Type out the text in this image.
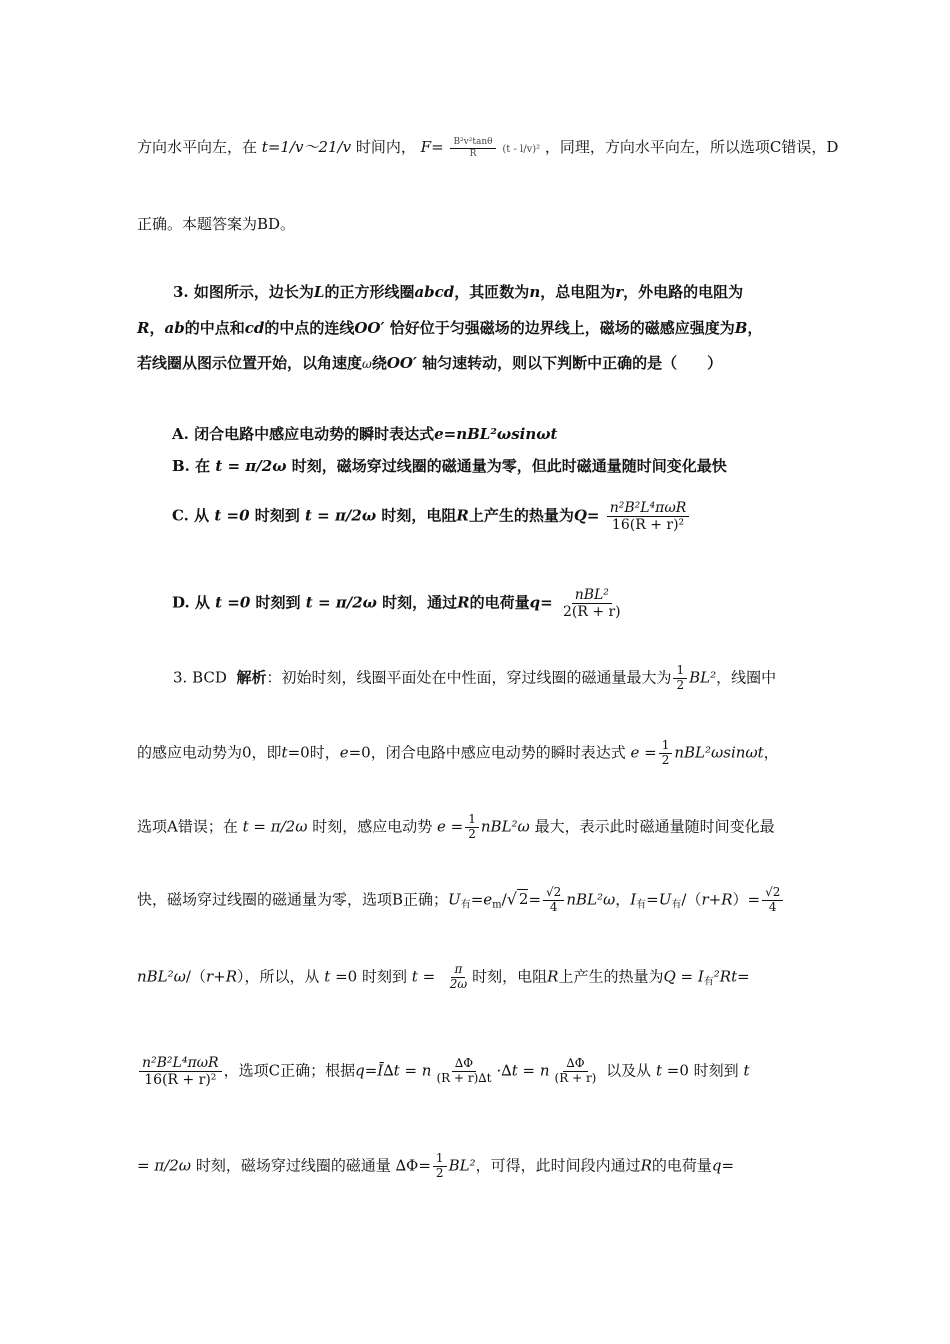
方向水平向左，在 t=1/v～21/v 时间内， $F= \frac{\text{B²v²tanθ}}{R} (t - l/v)^2$ ，同理，方向水平向左，所以选项C错误，D
正确。本题答案为BD。
3. 如图所示，边长为L的正方形线圈abcd，其匝数为n，总电阻为r，外电路的电阻为
R，ab的中点和cd的中点的连线OO′ 恰好位于匀强磁场的边界线上，磁场的磁感应强度为B，
若线圈从图示位置开始，以角速度ω绕OO′ 轴匀速转动，则以下判断中正确的是（　　）
A. 闭合电路中感应电动势的瞬时表达式e=nBL²ωsinωt
B. 在 t = π/2ω 时刻，磁场穿过线圈的磁通量为零，但此时磁通量随时间变化最快
C. 从 t =0 时刻到 t = π/2ω 时刻，电阻R上产生的热量为$Q= \frac{\text{n²B²L⁴πωR}}{\text{16(R + r)²}}$
D. 从 t =0 时刻到 t = π/2ω 时刻，通过R的电荷量$q= \frac{\text{nBL²}}{2(R + r)}$
3. BCD 解析：初始时刻，线圈平面处在中性面，穿过线圈的磁通量最大为 $\frac{1}{2} BL^2$，线圈中
的感应电动势为0，即t=0时，e=0，闭合电路中感应电动势的瞬时表达式 $e = \frac{1}{2} nBL^2\omega\sin\omega t$，
选项A错误；在 t = π/2ω 时刻，感应电动势 $e = \frac{1}{2} nBL^2\omega$ 最大，表示此时磁通量随时间变化最
快，磁场穿过线圈的磁通量为零，选项B正确；$U_有=e_m/√$ $2= \frac{√2}{4} nBL^2\omega$，$I_有=U_有/(r+R)= \frac{√2}{4}$
nBL²ω/（r+R），所以，从 t =0 时刻到 $t = \frac{\pi}{2\omega}$ 时刻，电阻R上产生的热量为$Q = I_有^2Rt=$
$\frac{\text{n²B²L⁴πωR}}{\text{16(R + r)²}}$ ，选项C正确；根据q=Ī∆t = n $\frac{\Delta\Phi}{(R + r)\Delta t} \cdot\Delta t = n \frac{\Delta\Phi}{(R + r)}$ 以及从 t =0 时刻到 t
= π/2ω 时刻，磁场穿过线圈的磁通量 $\Delta\Phi= \frac{1}{2} BL^2$，可得，此时间段内通过R的电荷量q=
